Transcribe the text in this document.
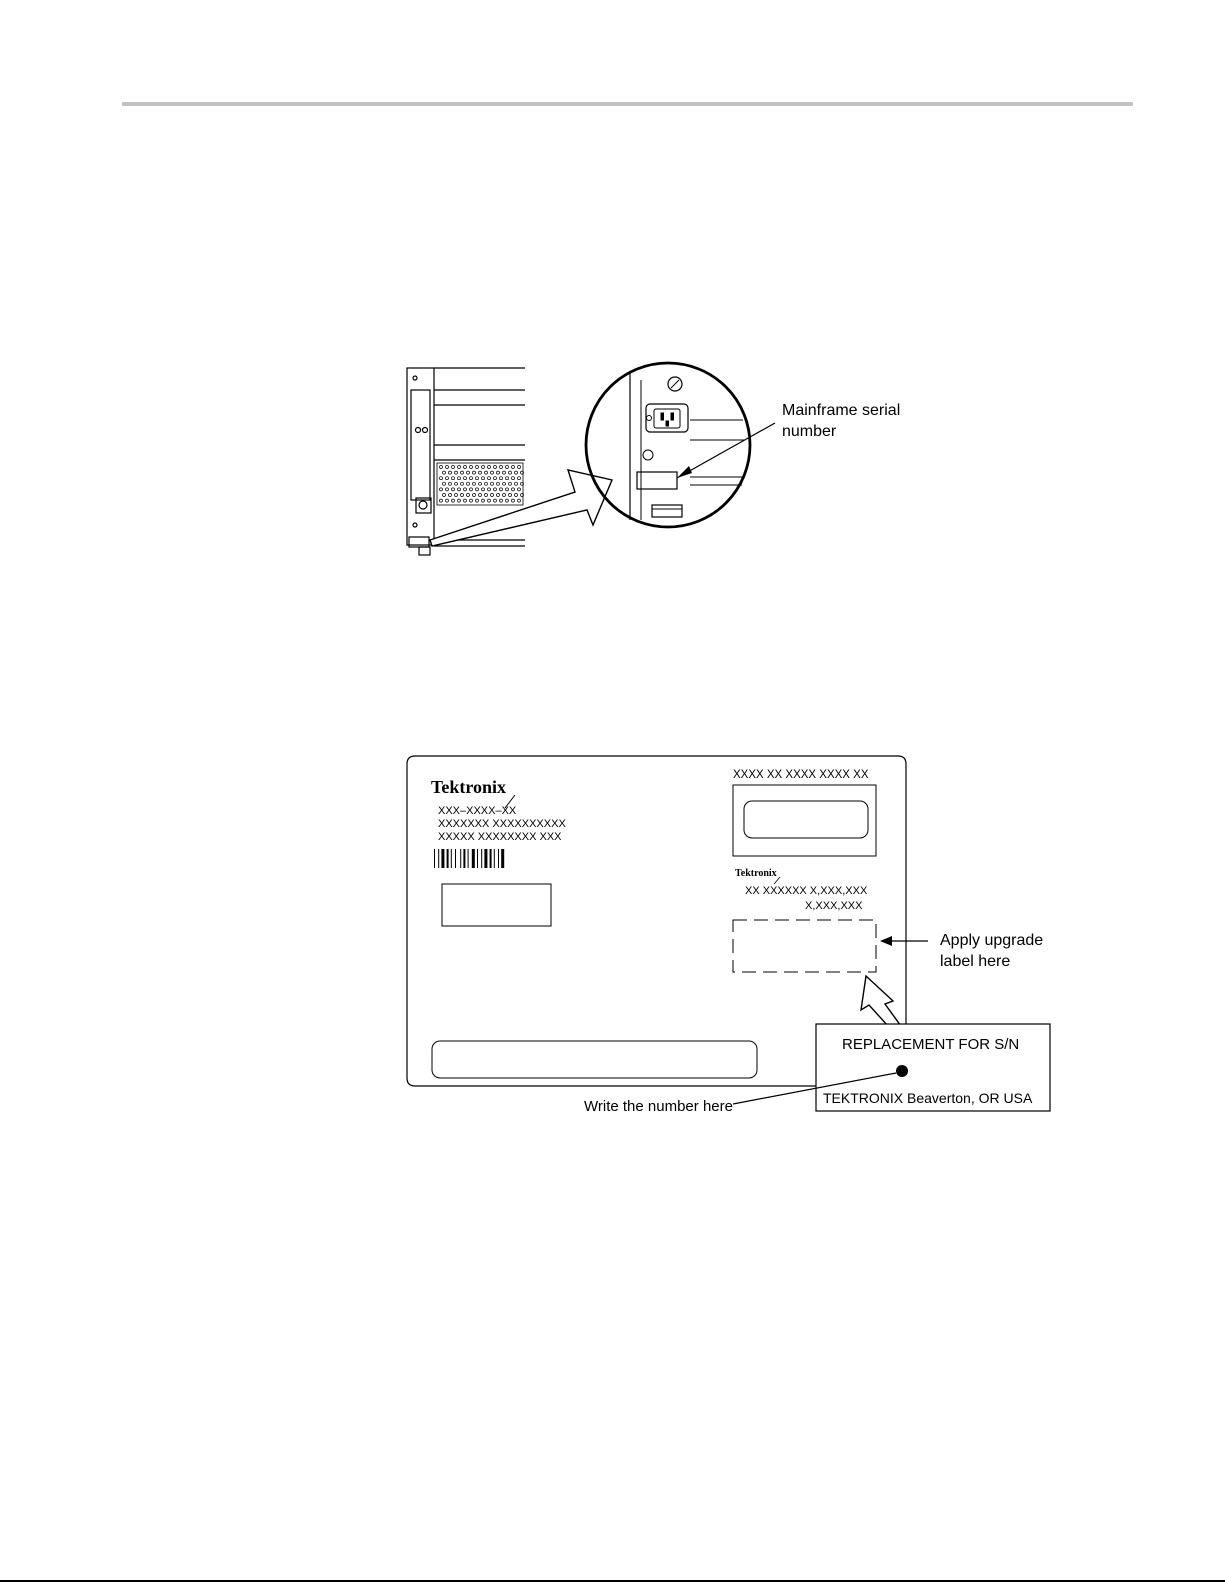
Mainframe serial
number
Tektronix
XXX–XXXX–XX
XXXXXXX XXXXXXXXXX
XXXXX XXXXXXXX XXX
XXXX XX XXXX XXXX XX
Tektronix
XX XXXXXX X,XXX,XXX
X,XXX,XXX
Apply upgrade
label here
REPLACEMENT FOR S/N
TEKTRONIX Beaverton, OR USA
Write the number here
